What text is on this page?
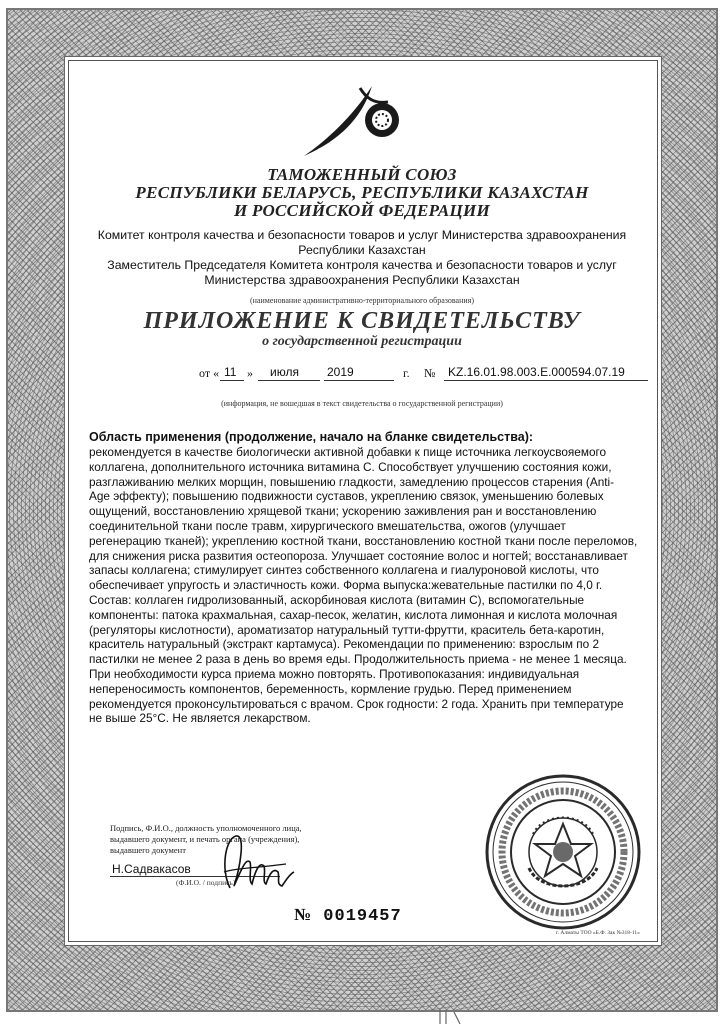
ТАМОЖЕННЫЙ СОЮЗ
РЕСПУБЛИКИ БЕЛАРУСЬ, РЕСПУБЛИКИ КАЗАХСТАН
И РОССИЙСКОЙ ФЕДЕРАЦИИ
Комитет контроля качества и безопасности товаров и услуг Министерства здравоохранения
Республики Казахстан
Заместитель Председателя Комитета контроля качества и безопасности товаров и услуг
Министерства здравоохранения Республики Казахстан
(наименование административно-территориального образования)
ПРИЛОЖЕНИЕ К СВИДЕТЕЛЬСТВУ
о государственной регистрации
от « 11 » июля 2019	г. № KZ.16.01.98.003.E.000594.07.19
(информация, не вошедшая в текст свидетельства о государственной регистрации)
Область применения (продолжение, начало на бланке свидетельства):
рекомендуется в качестве биологически активной добавки к пище источника легкоусвояемого
коллагена, дополнительного источника витамина С. Способствует улучшению состояния кожи,
разглаживанию мелких морщин, повышению гладкости, замедлению процессов старения (Anti-
Age эффекту); повышению подвижности суставов, укреплению связок, уменьшению болевых
ощущений, восстановлению хрящевой ткани; ускорению заживления ран и восстановлению
соединительной ткани после травм, хирургического вмешательства, ожогов (улучшает
регенерацию тканей); укреплению костной ткани, восстановлению костной ткани после переломов,
для снижения риска развития остеопороза. Улучшает состояние волос и ногтей; восстанавливает
запасы коллагена; стимулирует синтез собственного коллагена и гиалуроновой кислоты, что
обеспечивает упругость и эластичность кожи. Форма выпуска:жевательные пастилки по 4,0 г.
Состав: коллаген гидролизованный, аскорбиновая кислота (витамин С), вспомогательные
компоненты: патока крахмальная, сахар-песок, желатин, кислота лимонная и кислота молочная
(регуляторы кислотности), ароматизатор натуральный тутти-фрутти, краситель бета-каротин,
краситель натуральный (экстракт картамуса). Рекомендации по применению: взрослым по 2
пастилки не менее 2 раза в день во время еды. Продолжительность приема - не менее 1 месяца.
При необходимости курса приема можно повторять. Противопоказания: индивидуальная
непереносимость компонентов, беременность, кормление грудью. Перед применением
рекомендуется проконсультироваться с врачом. Срок годности: 2 года. Хранить при температуре
не выше 25°С. Не является лекарством.
Подпись, Ф.И.О., должность уполномоченного лица,
выдавшего документ, и печать органа (учреждения),
выдавшего документ
Н.Садвакасов
(Ф.И.О. / подпись)
№ 0019457
г. Алматы ТОО «Б.Ф. Зак №318-11»
